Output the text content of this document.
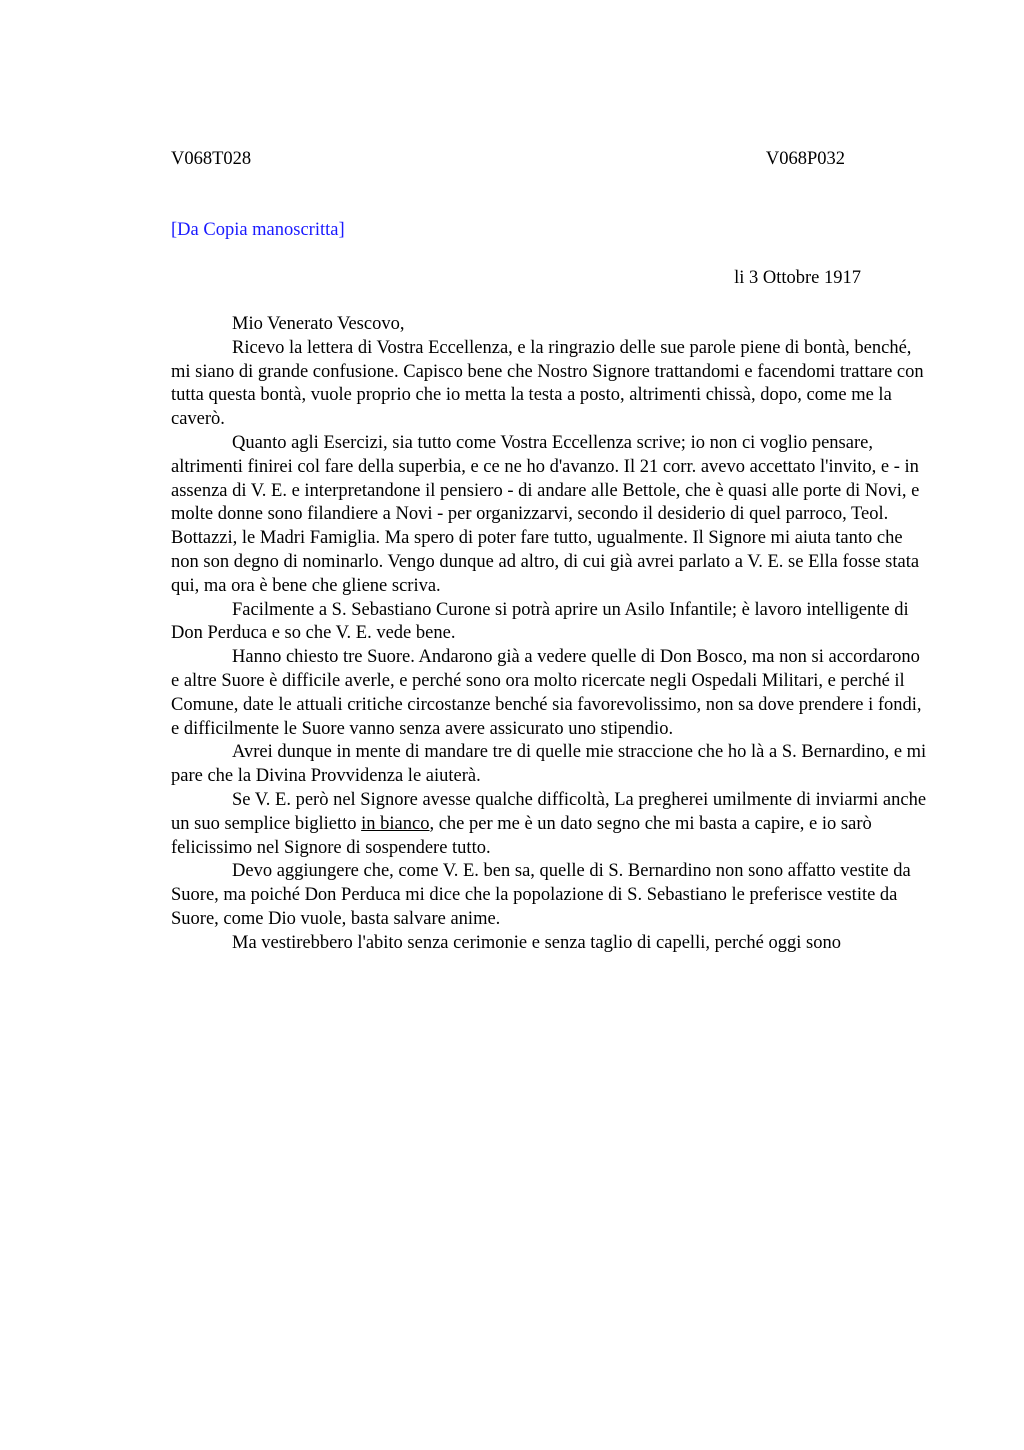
V068T028	V068P032
[Da Copia manoscritta]
li 3 Ottobre 1917

Mio Venerato Vescovo,

Ricevo la lettera di Vostra Eccellenza, e la ringrazio delle sue parole piene di bontà, benché, mi siano di grande confusione. Capisco bene che Nostro Signore trattandomi e facendomi trattare con tutta questa bontà, vuole proprio che io metta la testa a posto, altrimenti chissà, dopo, come me la caverò.

Quanto agli Esercizi, sia tutto come Vostra Eccellenza scrive; io non ci voglio pensare, altrimenti finirei col fare della superbia, e ce ne ho d'avanzo. Il 21 corr. avevo accettato l'invito, e - in assenza di V. E. e interpretandone il pensiero - di andare alle Bettole, che è quasi alle porte di Novi, e molte donne sono filandiere a Novi - per organizzarvi, secondo il desiderio di quel parroco, Teol. Bottazzi, le Madri Famiglia. Ma spero di poter fare tutto, ugualmente. Il Signore mi aiuta tanto che non son degno di nominarlo. Vengo dunque ad altro, di cui già avrei parlato a V. E. se Ella fosse stata qui, ma ora è bene che gliene scriva.

Facilmente a S. Sebastiano Curone si potrà aprire un Asilo Infantile; è lavoro intelligente di Don Perduca e so che V. E. vede bene.

Hanno chiesto tre Suore. Andarono già a vedere quelle di Don Bosco, ma non si accordarono e altre Suore è difficile averle, e perché sono ora molto ricercate negli Ospedali Militari, e perché il Comune, date le attuali critiche circostanze benché sia favorevolissimo, non sa dove prendere i fondi, e difficilmente le Suore vanno senza avere assicurato uno stipendio.

Avrei dunque in mente di mandare tre di quelle mie straccione che ho là a S. Bernardino, e mi pare che la Divina Provvidenza le aiuterà.

Se V. E. però nel Signore avesse qualche difficoltà, La pregherei umilmente di inviarmi anche un suo semplice biglietto in bianco, che per me è un dato segno che mi basta a capire, e io sarò felicissimo nel Signore di sospendere tutto.

Devo aggiungere che, come V. E. ben sa, quelle di S. Bernardino non sono affatto vestite da Suore, ma poiché Don Perduca mi dice che la popolazione di S. Sebastiano le preferisce vestite da Suore, come Dio vuole, basta salvare anime.

Ma vestirebbero l'abito senza cerimonie e senza taglio di capelli, perché oggi sono
